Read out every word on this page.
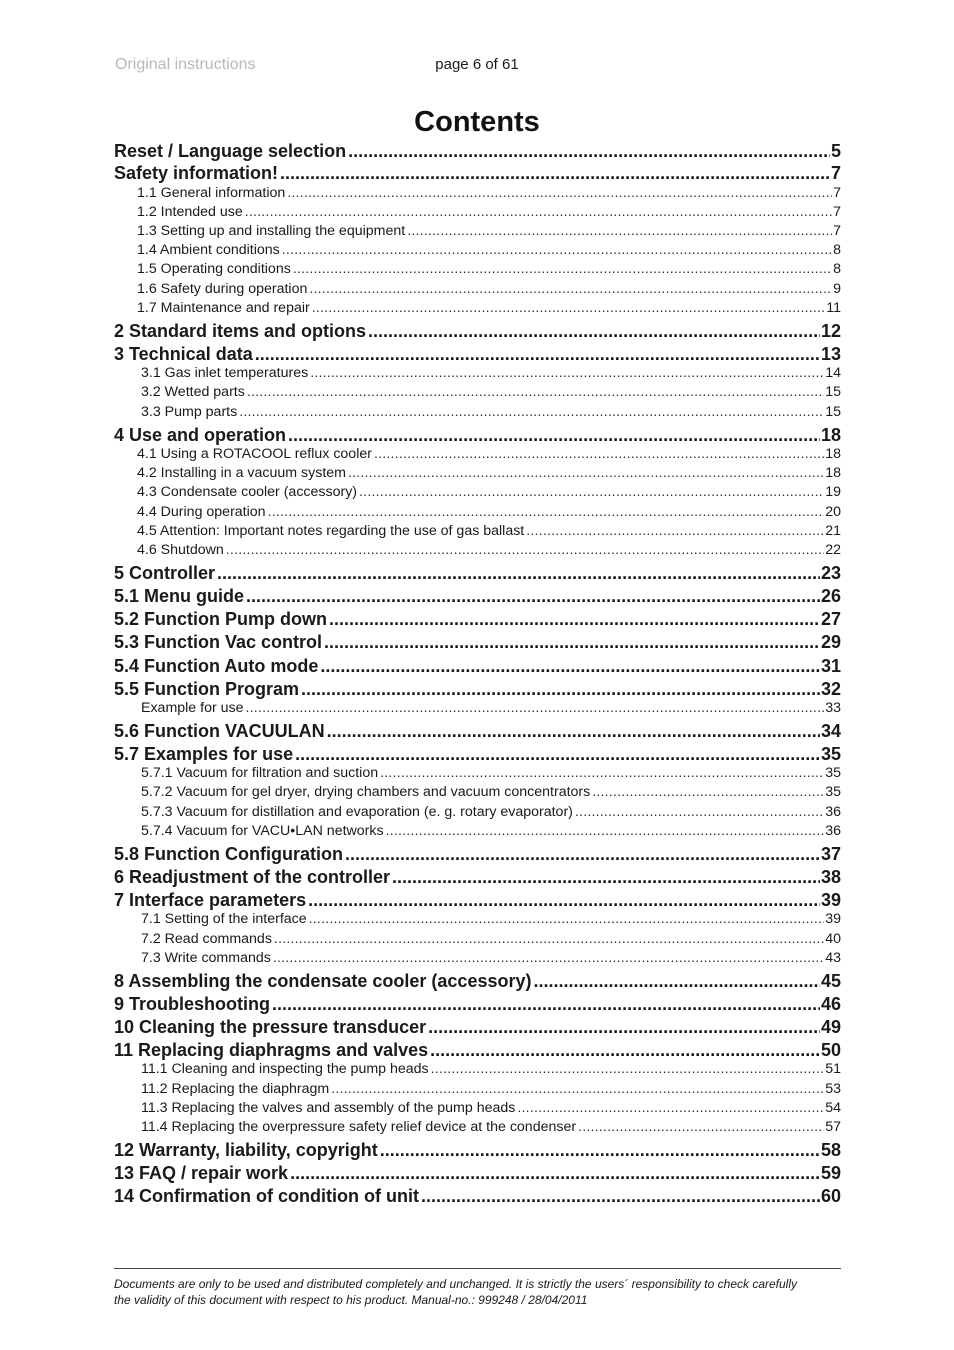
Original instructions	page 6 of 61
Contents
Reset / Language selection .....	5
Safety information! .....	7
1.1 General information .....	7
1.2 Intended use .....	7
1.3 Setting up and installing the equipment .....	7
1.4 Ambient conditions .....	8
1.5 Operating conditions .....	8
1.6 Safety during operation .....	9
1.7 Maintenance and repair .....	11
2 Standard items and options .....	12
3 Technical data .....	13
3.1 Gas inlet temperatures .....	14
3.2 Wetted parts .....	15
3.3 Pump parts .....	15
4 Use and operation .....	18
4.1 Using a ROTACOOL reflux cooler .....	18
4.2 Installing in a vacuum system .....	18
4.3 Condensate cooler (accessory) .....	19
4.4 During operation .....	20
4.5 Attention: Important notes regarding the use of gas ballast .....	21
4.6 Shutdown .....	22
5 Controller .....	23
5.1 Menu guide .....	26
5.2 Function Pump down .....	27
5.3 Function Vac control .....	29
5.4 Function Auto mode .....	31
5.5 Function Program .....	32
Example for use .....	33
5.6 Function VACUULAN .....	34
5.7 Examples for use .....	35
5.7.1 Vacuum for filtration and suction .....	35
5.7.2 Vacuum for gel dryer, drying chambers and vacuum concentrators .....	35
5.7.3 Vacuum for distillation and evaporation (e. g. rotary evaporator) .....	36
5.7.4 Vacuum for VACU•LAN networks .....	36
5.8 Function Configuration .....	37
6 Readjustment of the controller .....	38
7 Interface parameters .....	39
7.1 Setting of the interface .....	39
7.2 Read commands .....	40
7.3 Write commands .....	43
8 Assembling the condensate cooler (accessory) .....	45
9 Troubleshooting .....	46
10 Cleaning the pressure transducer .....	49
11 Replacing diaphragms and valves .....	50
11.1 Cleaning and inspecting the pump heads .....	51
11.2 Replacing the diaphragm .....	53
11.3 Replacing the valves and assembly of the pump heads .....	54
11.4 Replacing the overpressure safety relief device at the condenser .....	57
12 Warranty, liability, copyright .....	58
13 FAQ / repair work .....	59
14 Confirmation of condition of unit .....	60
Documents are only to be used and distributed completely and unchanged. It is strictly the users´ responsibility to check carefully
the validity of this document with respect to his product. Manual-no.: 999248 / 28/04/2011
